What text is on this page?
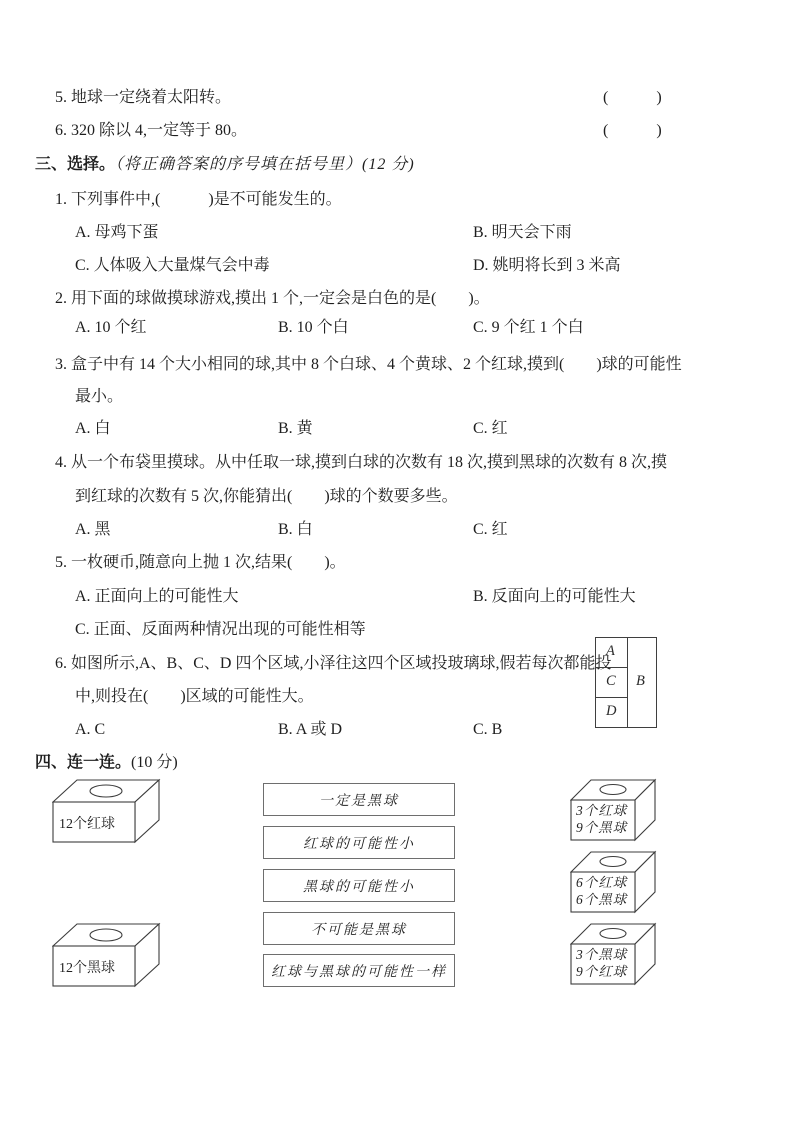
5. 地球一定绕着太阳转。	(　　　)
6. 320 除以 4,一定等于 80。	(　　　)
三、选择。（将正确答案的序号填在括号里）(12 分)
1. 下列事件中,(　　　)是不可能发生的。
A. 母鸡下蛋	B. 明天会下雨
C. 人体吸入大量煤气会中毒	D. 姚明将长到 3 米高
2. 用下面的球做摸球游戏,摸出 1 个,一定会是白色的是(　　)。
A. 10 个红	B. 10 个白	C. 9 个红 1 个白
3. 盒子中有 14 个大小相同的球,其中 8 个白球、4 个黄球、2 个红球,摸到(　　)球的可能性
最小。
A. 白	B. 黄	C. 红
4. 从一个布袋里摸球。从中任取一球,摸到白球的次数有 18 次,摸到黑球的次数有 8 次,摸
到红球的次数有 5 次,你能猜出(　　)球的个数要多些。
A. 黑	B. 白	C. 红
5. 一枚硬币,随意向上抛 1 次,结果(　　)。
A. 正面向上的可能性大	B. 反面向上的可能性大
C. 正面、反面两种情况出现的可能性相等
6. 如图所示,A、B、C、D 四个区域,小泽往这四个区域投玻璃球,假若每次都能投
中,则投在(　　)区域的可能性大。
A. C	B. A 或 D	C. B
A
C
D
B
四、连一连。(10 分)
一定是黑球
红球的可能性小
黑球的可能性小
不可能是黑球
红球与黑球的可能性一样
12个红球
12个黑球
3个红球
9个黑球
6个红球
6个黑球
3个黑球
9个红球
